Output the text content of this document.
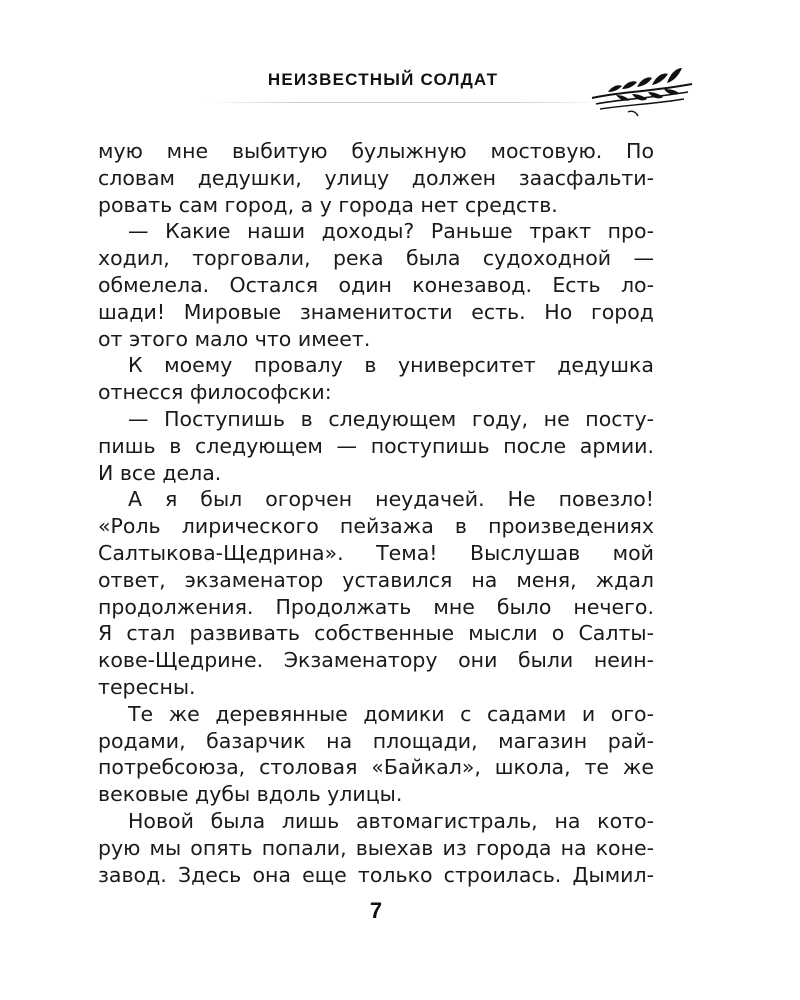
НЕИЗВЕСТНЫЙ СОЛДАТ
мую мне выбитую булыжную мостовую. По
словам дедушки, улицу должен заасфальти-
ровать сам город, а у города нет средств.
— Какие наши доходы? Раньше тракт про-
ходил, торговали, река была судоходной —
обмелела. Остался один конезавод. Есть ло-
шади! Мировые знаменитости есть. Но город
от этого мало что имеет.
К моему провалу в университет дедушка
отнесся философски:
— Поступишь в следующем году, не посту-
пишь в следующем — поступишь после армии.
И все дела.
А я был огорчен неудачей. Не повезло!
«Роль лирического пейзажа в произведениях
Салтыкова-Щедрина». Тема! Выслушав мой
ответ, экзаменатор уставился на меня, ждал
продолжения. Продолжать мне было нечего.
Я стал развивать собственные мысли о Салты-
кове-Щедрине. Экзаменатору они были неин-
тересны.
Те же деревянные домики с садами и ого-
родами, базарчик на площади, магазин рай-
потребсоюза, столовая «Байкал», школа, те же
вековые дубы вдоль улицы.
Новой была лишь автомагистраль, на кото-
рую мы опять попали, выехав из города на коне-
завод. Здесь она еще только строилась. Дымил-
7
